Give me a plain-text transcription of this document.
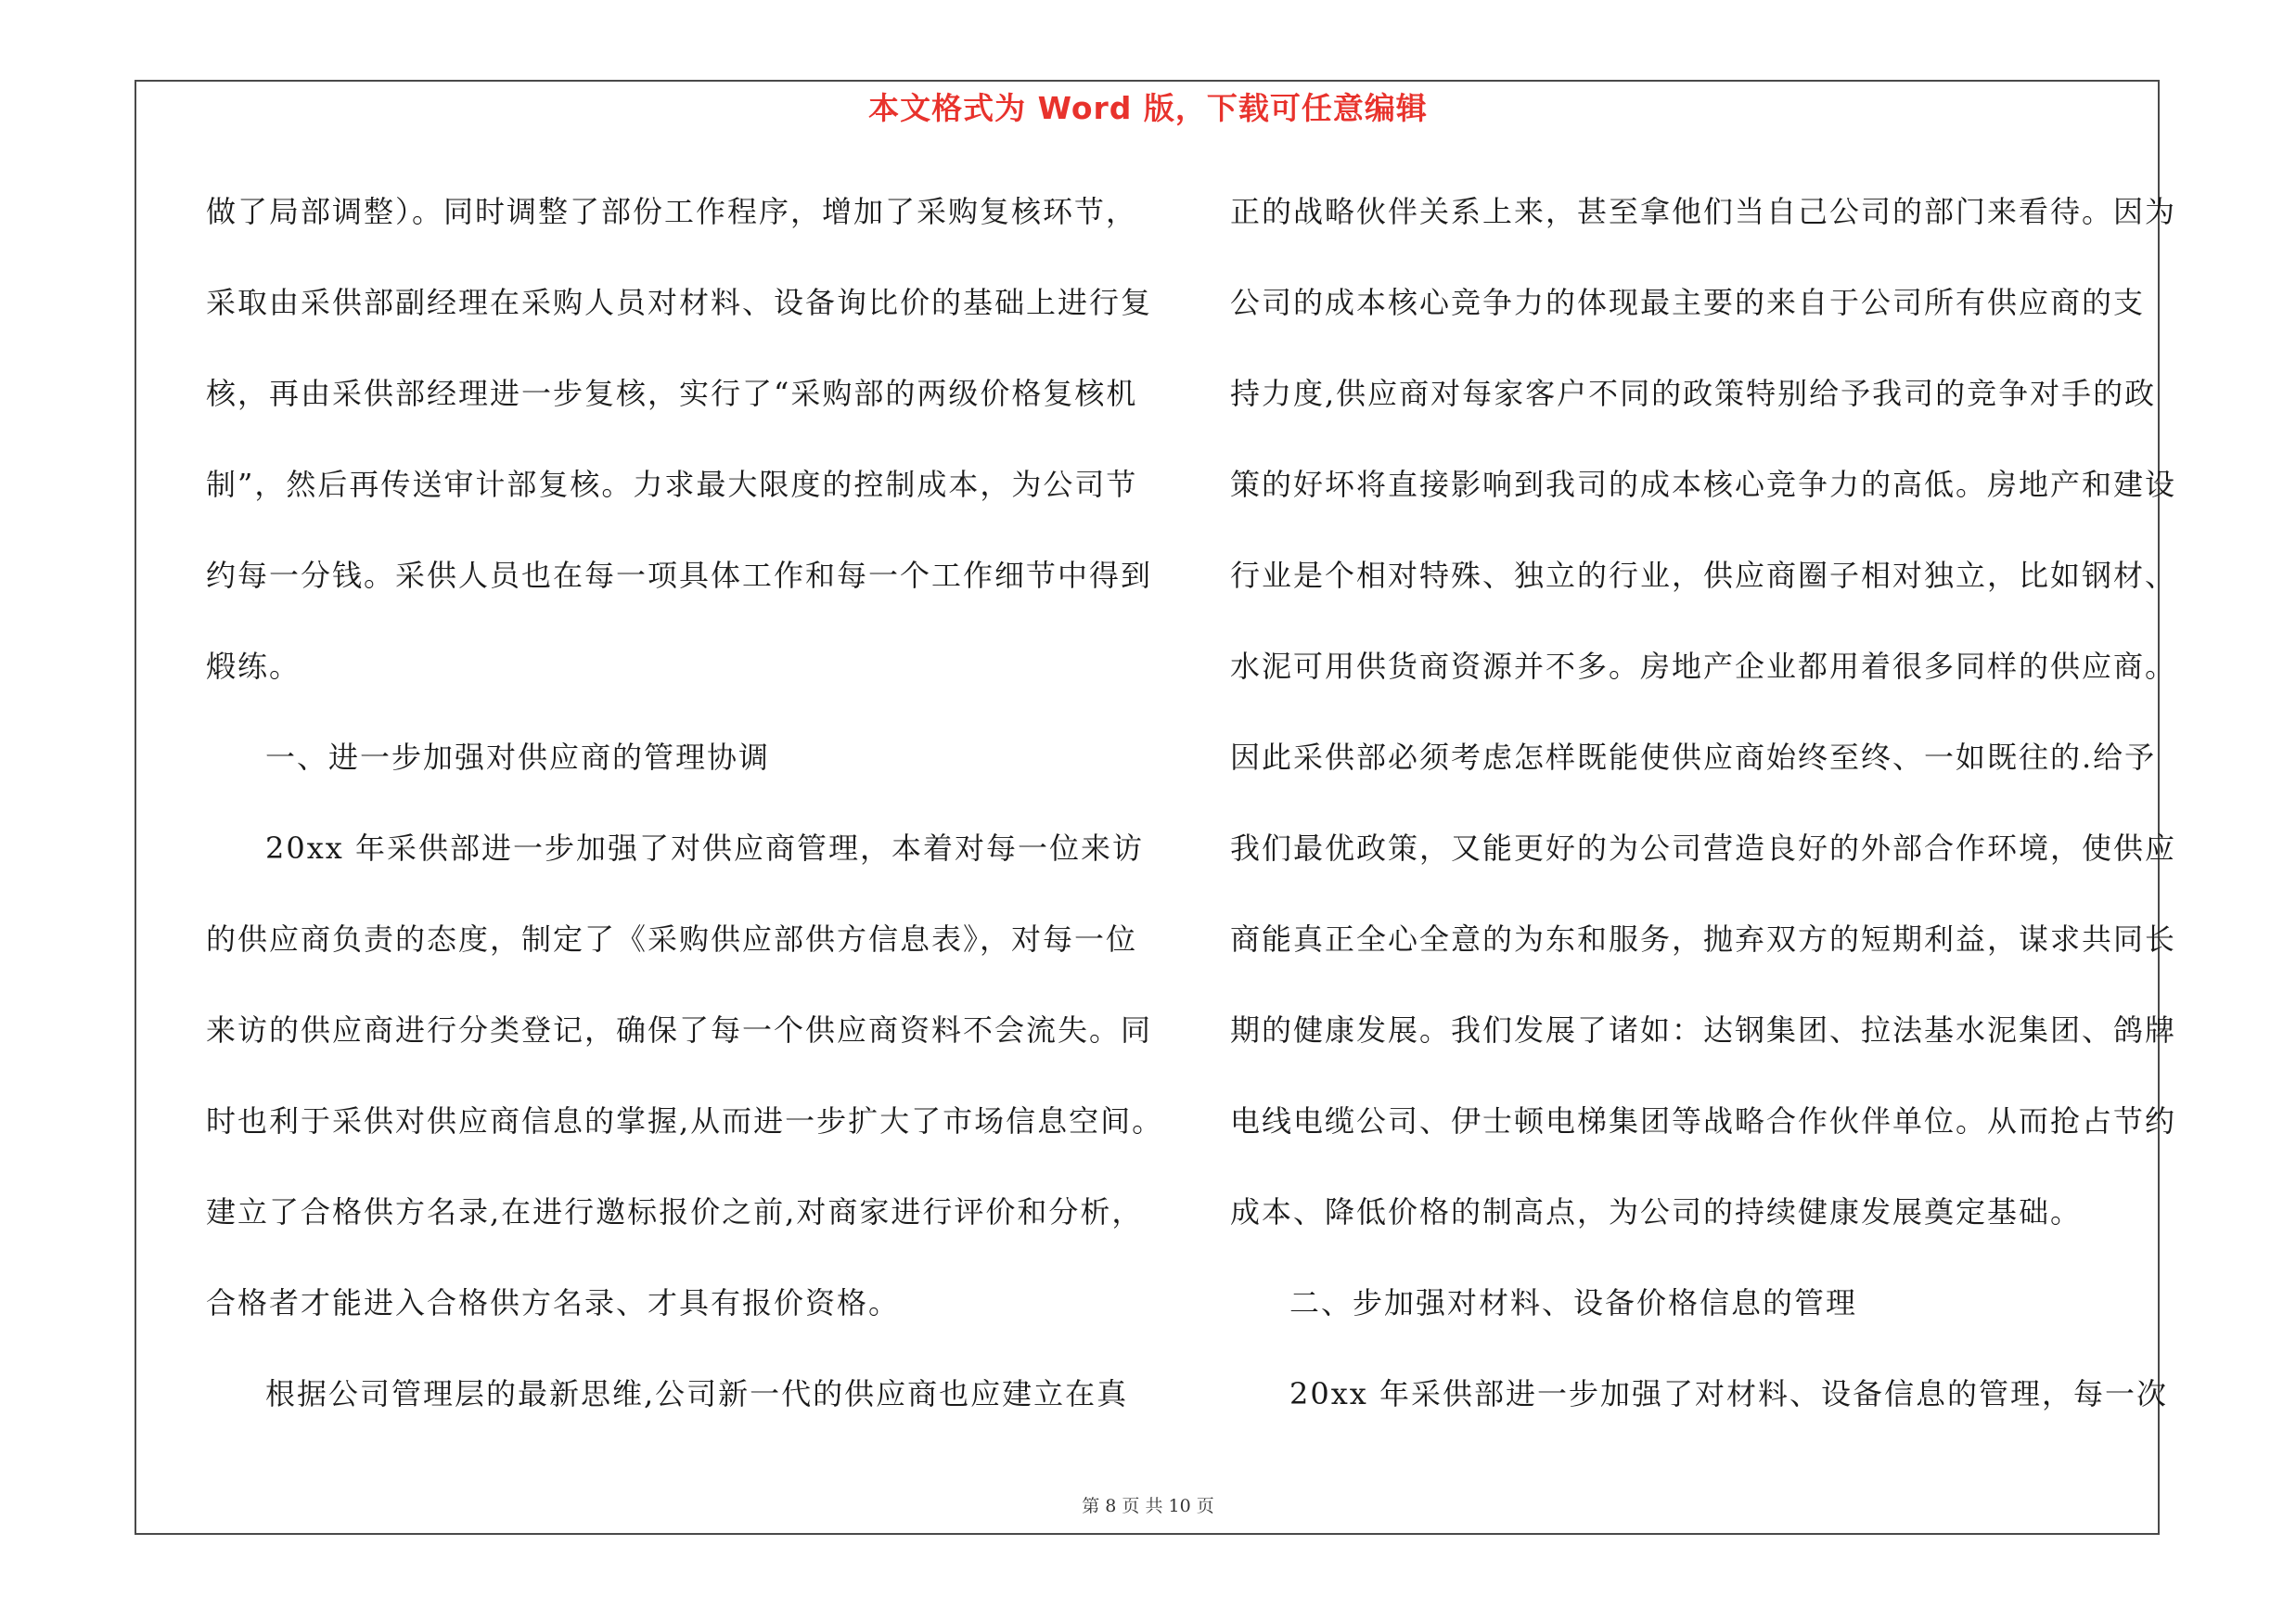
本文格式为 Word 版，下载可任意编辑
做了局部调整）。同时调整了部份工作程序，增加了采购复核环节，
采取由采供部副经理在采购人员对材料、设备询比价的基础上进行复
核，再由采供部经理进一步复核，实行了“采购部的两级价格复核机
制”，然后再传送审计部复核。力求最大限度的控制成本，为公司节
约每一分钱。采供人员也在每一项具体工作和每一个工作细节中得到
煅练。
一、进一步加强对供应商的管理协调
20xx 年采供部进一步加强了对供应商管理，本着对每一位来访
的供应商负责的态度，制定了《采购供应部供方信息表》，对每一位
来访的供应商进行分类登记，确保了每一个供应商资料不会流失。同
时也利于采供对供应商信息的掌握,从而进一步扩大了市场信息空间。
建立了合格供方名录,在进行邀标报价之前,对商家进行评价和分析，
合格者才能进入合格供方名录、才具有报价资格。
根据公司管理层的最新思维,公司新一代的供应商也应建立在真
正的战略伙伴关系上来，甚至拿他们当自己公司的部门来看待。因为
公司的成本核心竞争力的体现最主要的来自于公司所有供应商的支
持力度,供应商对每家客户不同的政策特别给予我司的竞争对手的政
策的好坏将直接影响到我司的成本核心竞争力的高低。房地产和建设
行业是个相对特殊、独立的行业，供应商圈子相对独立，比如钢材、
水泥可用供货商资源并不多。房地产企业都用着很多同样的供应商。
因此采供部必须考虑怎样既能使供应商始终至终、一如既往的.给予
我们最优政策，又能更好的为公司营造良好的外部合作环境，使供应
商能真正全心全意的为东和服务，抛弃双方的短期利益，谋求共同长
期的健康发展。我们发展了诸如：达钢集团、拉法基水泥集团、鸽牌
电线电缆公司、伊士顿电梯集团等战略合作伙伴单位。从而抢占节约
成本、降低价格的制高点，为公司的持续健康发展奠定基础。
二、步加强对材料、设备价格信息的管理
20xx 年采供部进一步加强了对材料、设备信息的管理，每一次
第 8 页 共 10 页
